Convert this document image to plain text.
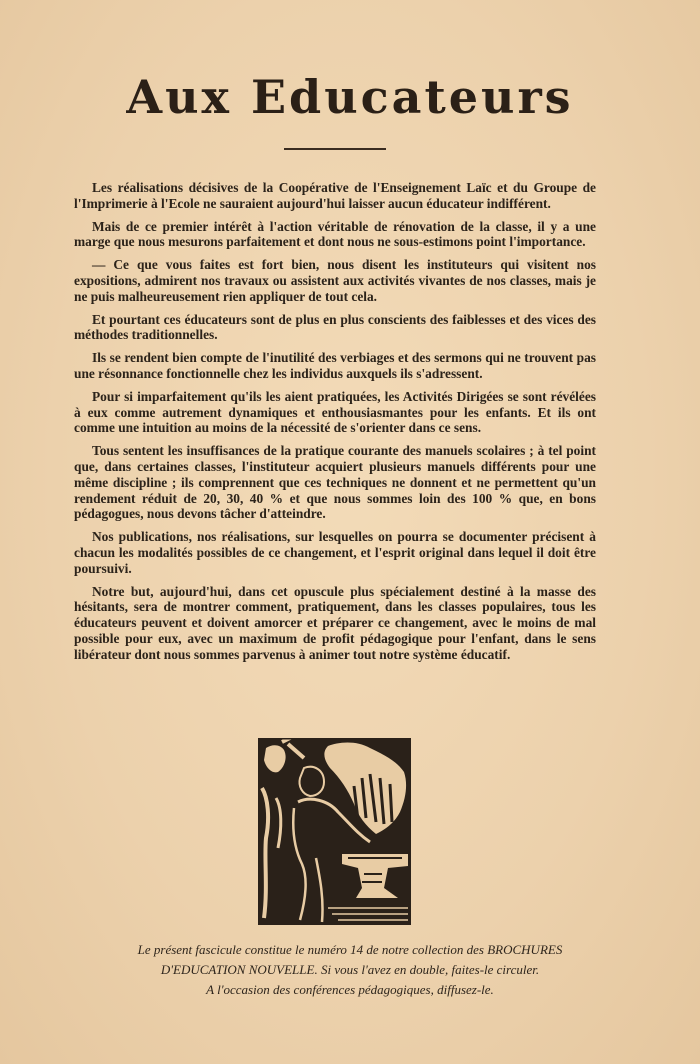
Aux Educateurs

Les réalisations décisives de la Coopérative de l'Enseignement Laïc et du Groupe de l'Imprimerie à l'Ecole ne sauraient aujourd'hui laisser aucun éducateur indifférent.

Mais de ce premier intérêt à l'action véritable de rénovation de la classe, il y a une marge que nous mesurons parfaitement et dont nous ne sous-estimons point l'importance.

— Ce que vous faites est fort bien, nous disent les instituteurs qui visitent nos expositions, admirent nos travaux ou assistent aux activités vivantes de nos classes, mais je ne puis malheureusement rien appliquer de tout cela.

Et pourtant ces éducateurs sont de plus en plus conscients des faiblesses et des vices des méthodes traditionnelles.

Ils se rendent bien compte de l'inutilité des verbiages et des sermons qui ne trouvent pas une résonnance fonctionnelle chez les individus auxquels ils s'adressent.

Pour si imparfaitement qu'ils les aient pratiquées, les Activités Dirigées se sont révélées à eux comme autrement dynamiques et enthousiasmantes pour les enfants. Et ils ont comme une intuition au moins de la nécessité de s'orienter dans ce sens.

Tous sentent les insuffisances de la pratique courante des manuels scolaires ; à tel point que, dans certaines classes, l'instituteur acquiert plusieurs manuels différents pour une même discipline ; ils comprennent que ces techniques ne donnent et ne permettent qu'un rendement réduit de 20, 30, 40 % et que nous sommes loin des 100 % que, en bons pédagogues, nous devons tâcher d'atteindre.

Nos publications, nos réalisations, sur lesquelles on pourra se documenter précisent à chacun les modalités possibles de ce changement, et l'esprit original dans lequel il doit être poursuivi.

Notre but, aujourd'hui, dans cet opuscule plus spécialement destiné à la masse des hésitants, sera de montrer comment, pratiquement, dans les classes populaires, tous les éducateurs peuvent et doivent amorcer et préparer ce changement, avec le moins de mal possible pour eux, avec un maximum de profit pédagogique pour l'enfant, dans le sens libérateur dont nous sommes parvenus à animer tout notre système éducatif.

Le présent fascicule constitue le numéro 14 de notre collection des BROCHURES
D'EDUCATION NOUVELLE. Si vous l'avez en double, faites-le circuler.
A l'occasion des conférences pédagogiques, diffusez-le.
